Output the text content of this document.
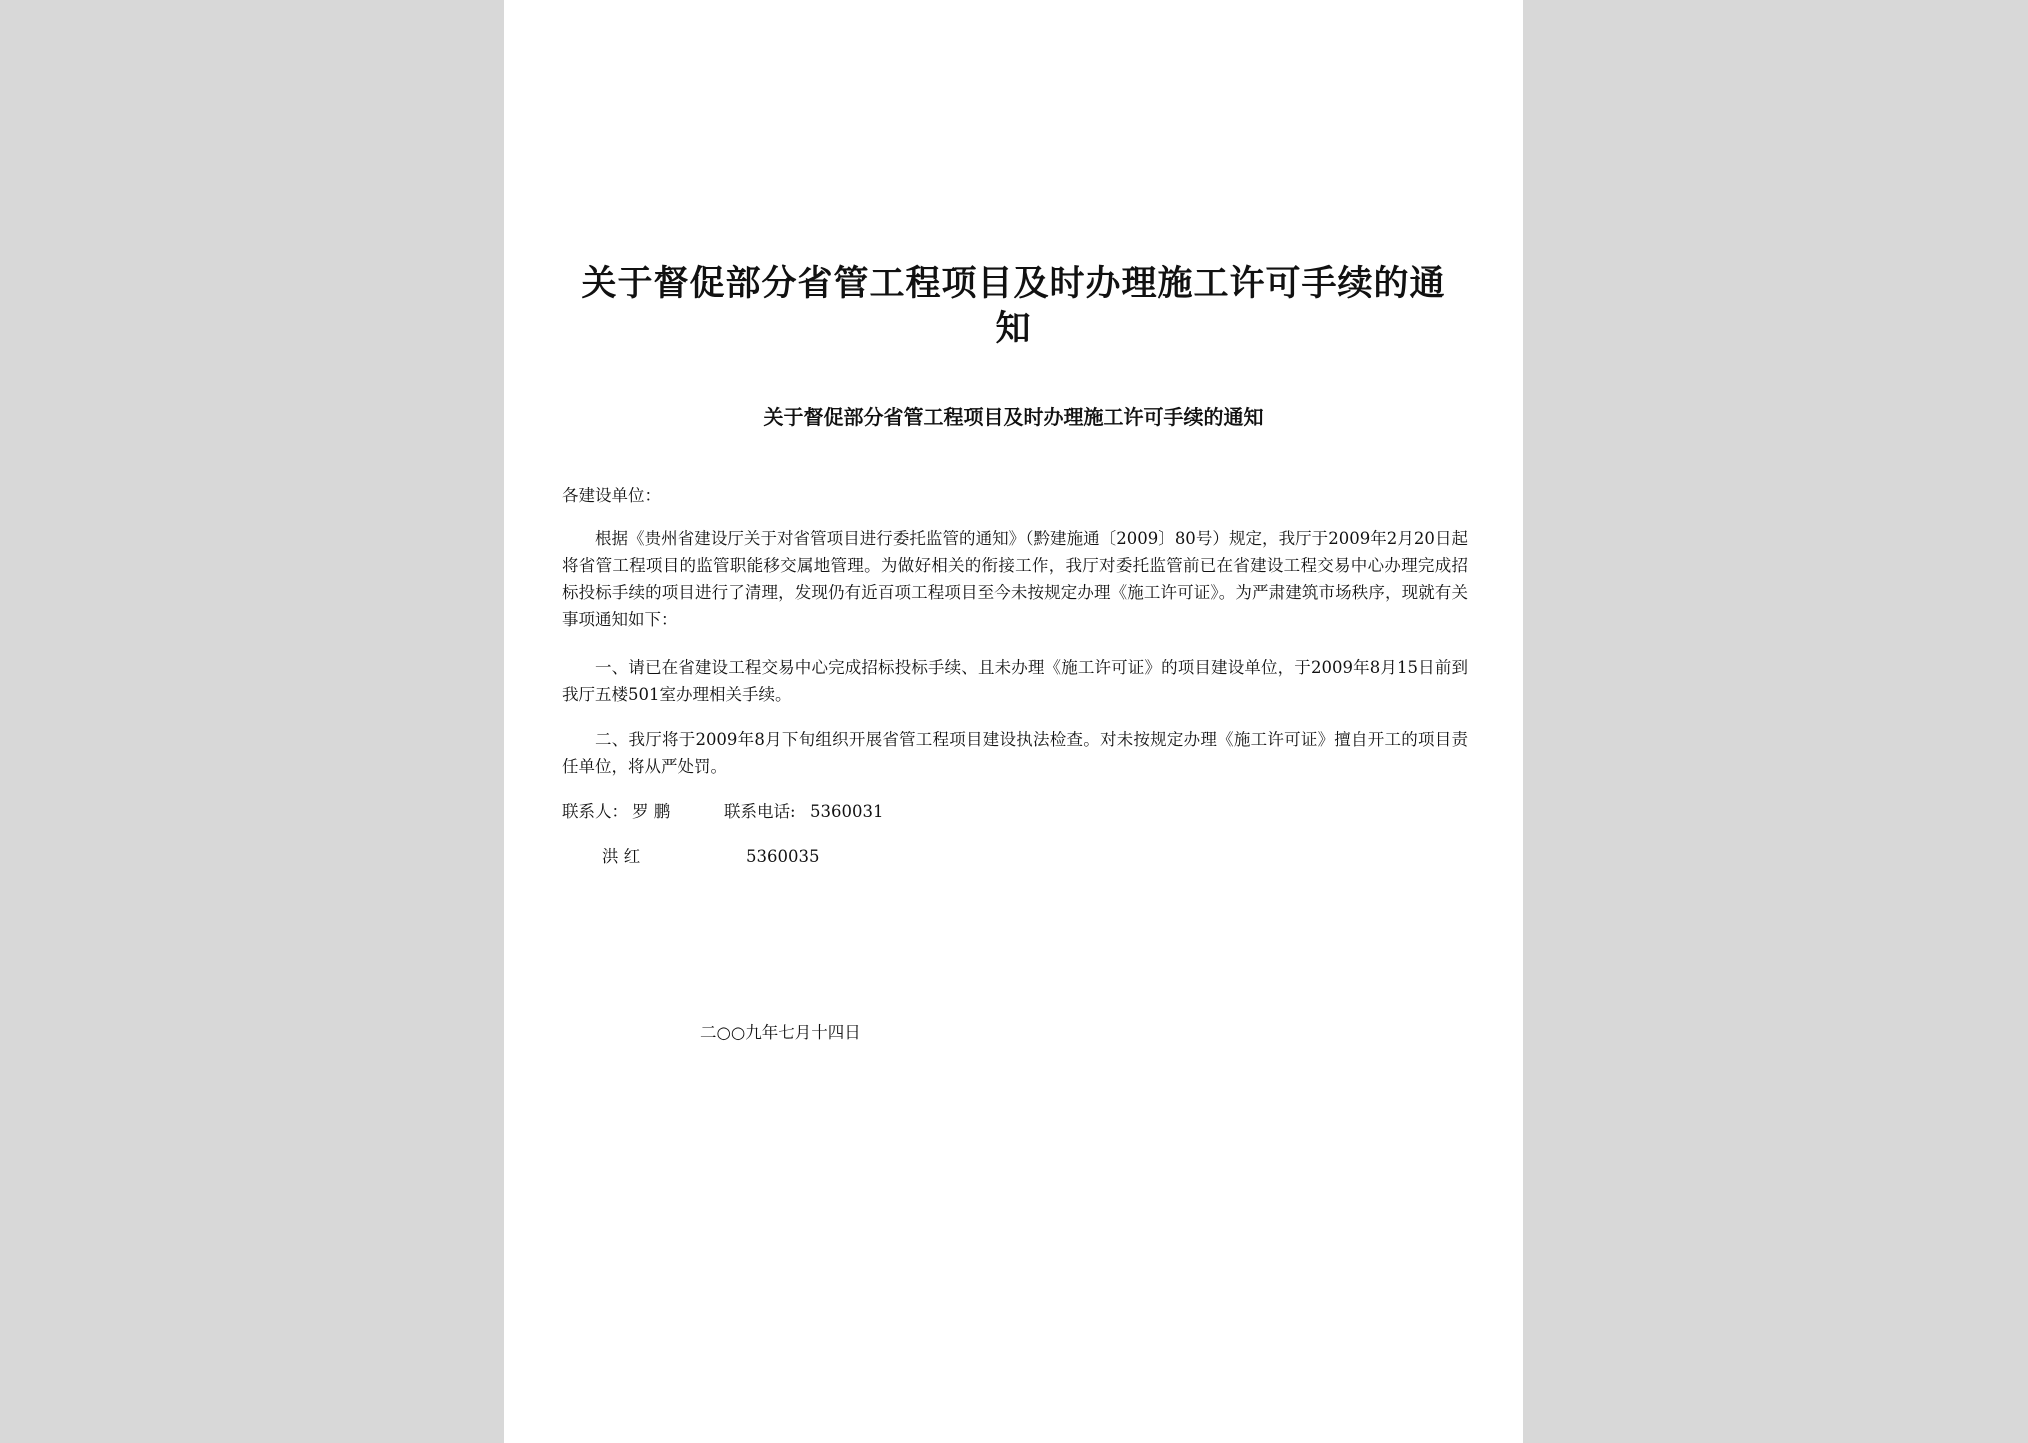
关于督促部分省管工程项目及时办理施工许可手续的通知
关于督促部分省管工程项目及时办理施工许可手续的通知
各建设单位：
根据《贵州省建设厅关于对省管项目进行委托监管的通知》（黔建施通〔2009〕80号）规定，我厅于2009年2月20日起将省管工程项目的监管职能移交属地管理。为做好相关的衔接工作，我厅对委托监管前已在省建设工程交易中心办理完成招标投标手续的项目进行了清理，发现仍有近百项工程项目至今未按规定办理《施工许可证》。为严肃建筑市场秩序，现就有关事项通知如下：
一、请已在省建设工程交易中心完成招标投标手续、且未办理《施工许可证》的项目建设单位，于2009年8月15日前到我厅五楼501室办理相关手续。
二、我厅将于2009年8月下旬组织开展省管工程项目建设执法检查。对未按规定办理《施工许可证》擅自开工的项目责任单位，将从严处罚。
联系人： 罗 鹏	联系电话: 5360031
洪 红	5360035
二○○九年七月十四日
